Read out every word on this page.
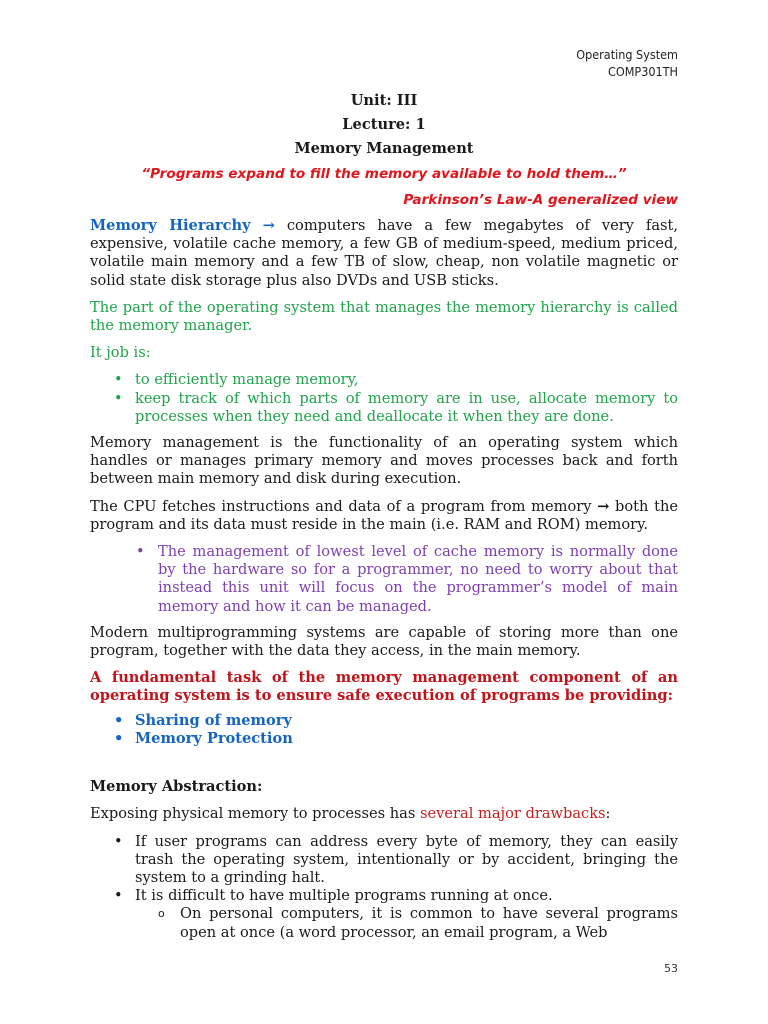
Operating System
COMP301TH
Unit: III
Lecture: 1
Memory Management
“Programs expand to fill the memory available to hold them…”
Parkinson’s Law-A generalized view

Memory Hierarchy → computers have a few megabytes of very fast, expensive, volatile cache memory, a few GB of medium-speed, medium priced, volatile main memory and a few TB of slow, cheap, non volatile magnetic or solid state disk storage plus also DVDs and USB sticks.

The part of the operating system that manages the memory hierarchy is called the memory manager.

It job is:

• to efficiently manage memory,
• keep track of which parts of memory are in use, allocate memory to processes when they need and deallocate it when they are done.

Memory management is the functionality of an operating system which handles or manages primary memory and moves processes back and forth between main memory and disk during execution.

The CPU fetches instructions and data of a program from memory → both the program and its data must reside in the main (i.e. RAM and ROM) memory.

• The management of lowest level of cache memory is normally done by the hardware so for a programmer, no need to worry about that instead this unit will focus on the programmer’s model of main memory and how it can be managed.

Modern multiprogramming systems are capable of storing more than one program, together with the data they access, in the main memory.

A fundamental task of the memory management component of an operating system is to ensure safe execution of programs be providing:

• Sharing of memory
• Memory Protection

Memory Abstraction:

Exposing physical memory to processes has several major drawbacks:

• If user programs can address every byte of memory, they can easily trash the operating system, intentionally or by accident, bringing the system to a grinding halt.
• It is difficult to have multiple programs running at once.
o On personal computers, it is common to have several programs open at once (a word processor, an email program, a Web
53
